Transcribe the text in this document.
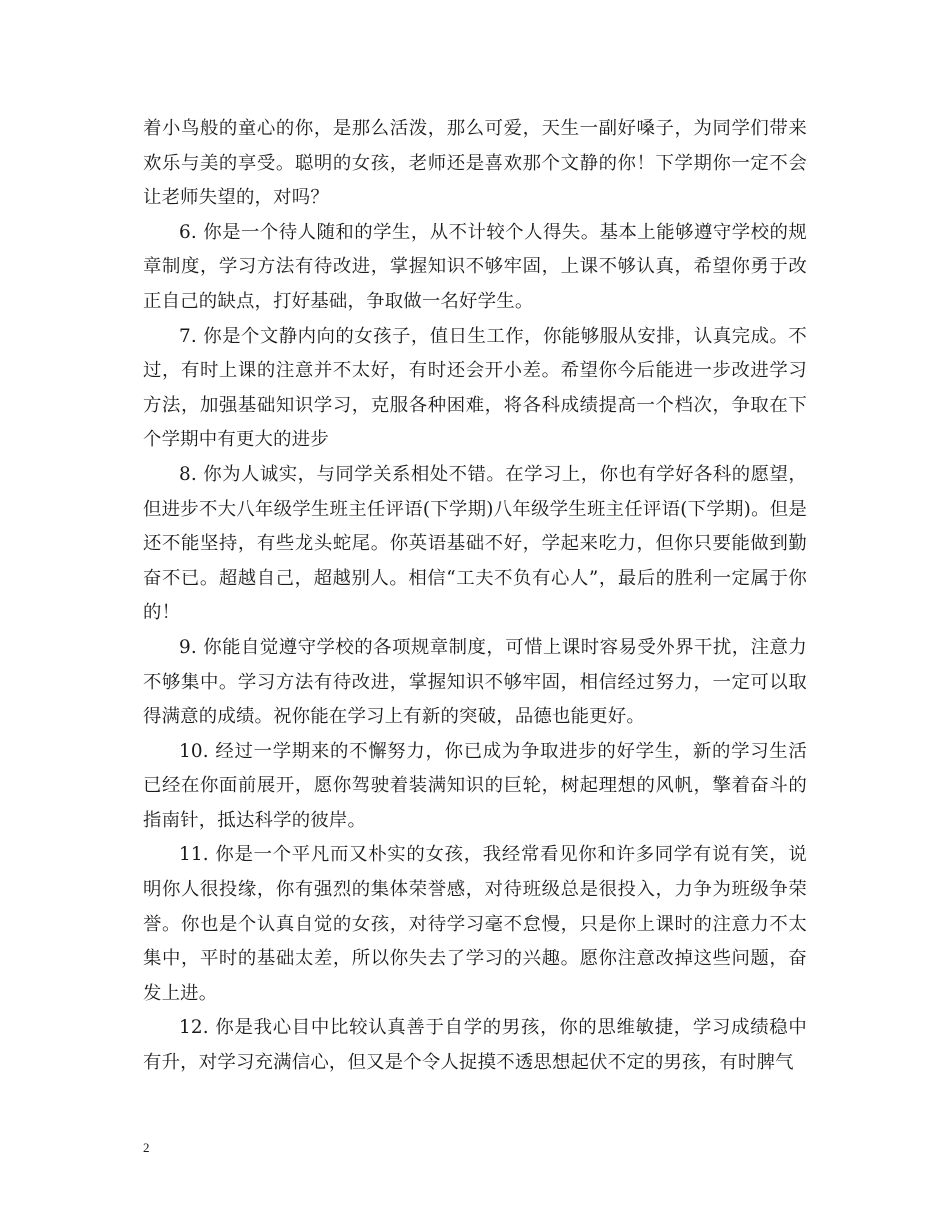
着小鸟般的童心的你，是那么活泼，那么可爱，天生一副好嗓子，为同学们带来欢乐与美的享受。聪明的女孩，老师还是喜欢那个文静的你！下学期你一定不会让老师失望的，对吗？

6. 你是一个待人随和的学生，从不计较个人得失。基本上能够遵守学校的规章制度，学习方法有待改进，掌握知识不够牢固，上课不够认真，希望你勇于改正自己的缺点，打好基础，争取做一名好学生。

7. 你是个文静内向的女孩子，值日生工作，你能够服从安排，认真完成。不过，有时上课的注意并不太好，有时还会开小差。希望你今后能进一步改进学习方法，加强基础知识学习，克服各种困难，将各科成绩提高一个档次，争取在下个学期中有更大的进步

8. 你为人诚实，与同学关系相处不错。在学习上，你也有学好各科的愿望，但进步不大八年级学生班主任评语(下学期)八年级学生班主任评语(下学期)。但是还不能坚持，有些龙头蛇尾。你英语基础不好，学起来吃力，但你只要能做到勤奋不已。超越自己，超越别人。相信“工夫不负有心人”，最后的胜利一定属于你的！

9. 你能自觉遵守学校的各项规章制度，可惜上课时容易受外界干扰，注意力不够集中。学习方法有待改进，掌握知识不够牢固，相信经过努力，一定可以取得满意的成绩。祝你能在学习上有新的突破，品德也能更好。

10. 经过一学期来的不懈努力，你已成为争取进步的好学生，新的学习生活已经在你面前展开，愿你驾驶着装满知识的巨轮，树起理想的风帆，擎着奋斗的指南针，抵达科学的彼岸。

11. 你是一个平凡而又朴实的女孩，我经常看见你和许多同学有说有笑，说明你人很投缘，你有强烈的集体荣誉感，对待班级总是很投入，力争为班级争荣誉。你也是个认真自觉的女孩，对待学习毫不怠慢，只是你上课时的注意力不太集中，平时的基础太差，所以你失去了学习的兴趣。愿你注意改掉这些问题，奋发上进。

12. 你是我心目中比较认真善于自学的男孩，你的思维敏捷，学习成绩稳中有升，对学习充满信心，但又是个令人捉摸不透思想起伏不定的男孩，有时脾气

2
